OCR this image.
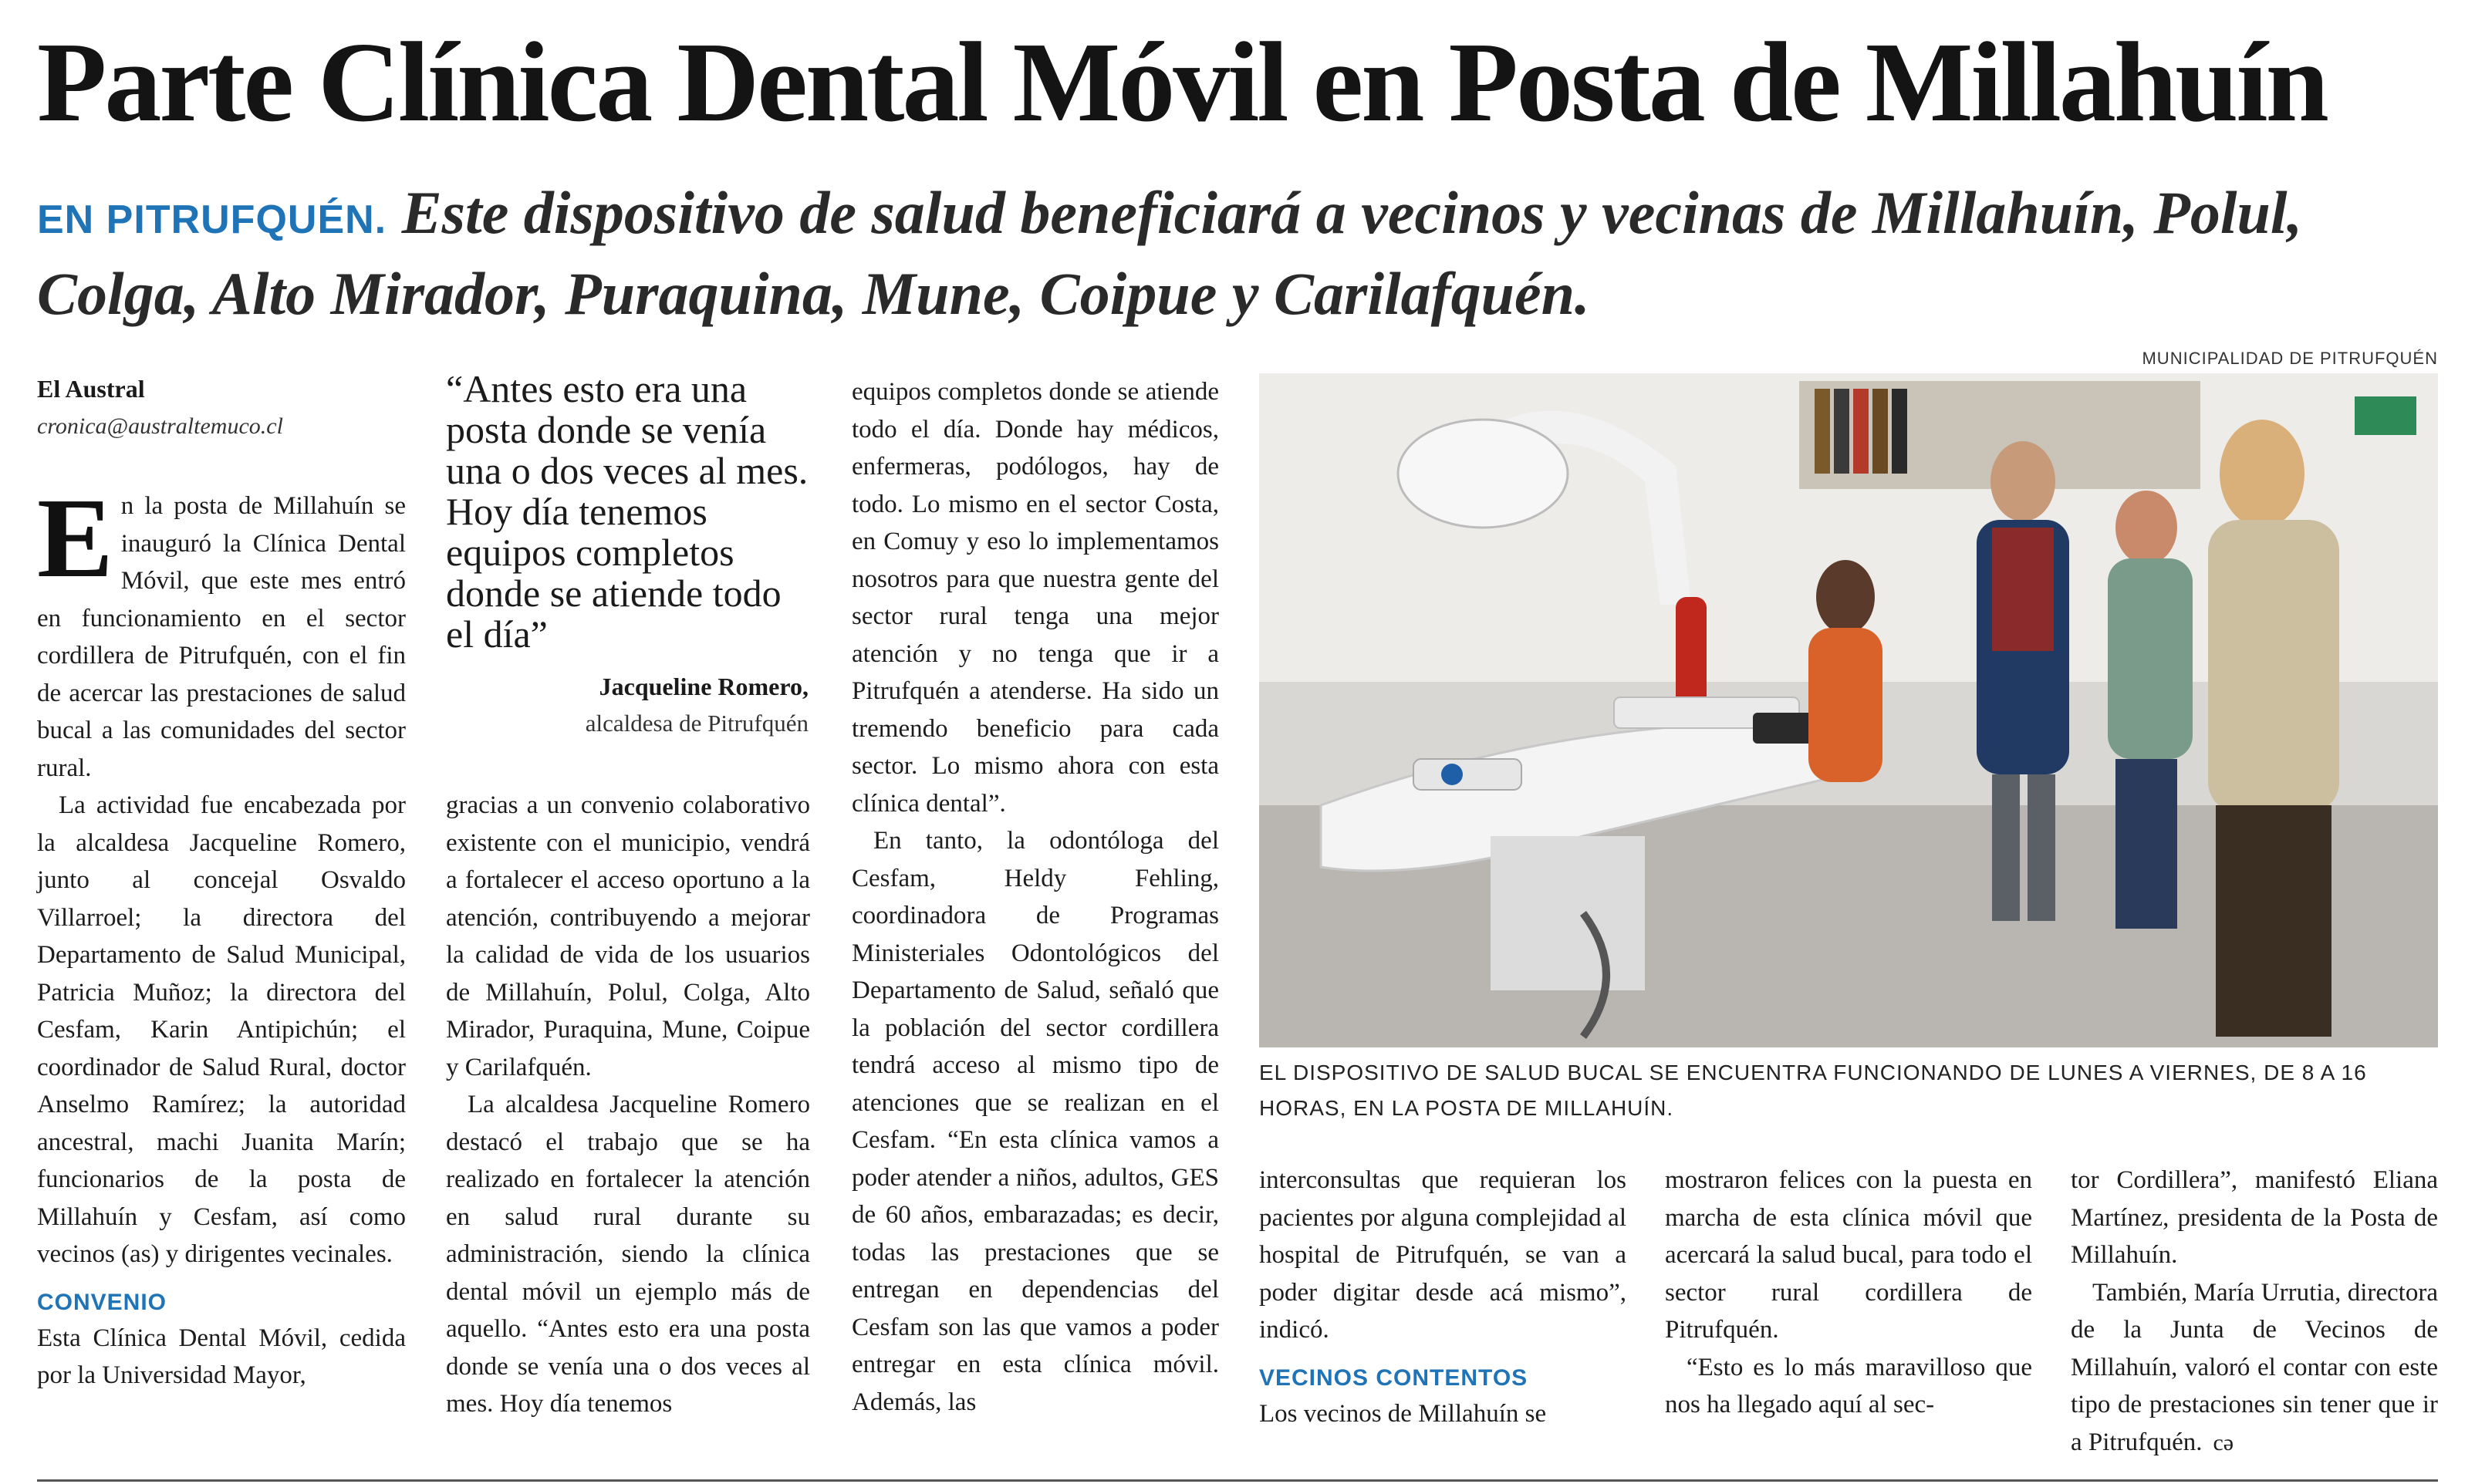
Parte Clínica Dental Móvil en Posta de Millahuín
EN PITRUFQUÉN. Este dispositivo de salud beneficiará a vecinos y vecinas de Millahuín, Polul, Colga, Alto Mirador, Puraquina, Mune, Coipue y Carilafquén.
El Austral
cronica@australtemuco.cl
E n la posta de Millahuín se inauguró la Clínica Dental Móvil, que este mes entró en funcionamiento en el sector cordillera de Pitrufquén, con el fin de acercar las prestaciones de salud bucal a las comunidades del sector rural.

La actividad fue encabezada por la alcaldesa Jacqueline Romero, junto al concejal Osvaldo Villarroel; la directora del Departamento de Salud Municipal, Patricia Muñoz; la directora del Cesfam, Karin Antipichún; el coordinador de Salud Rural, doctor Anselmo Ramírez; la autoridad ancestral, machi Juanita Marín; funcionarios de la posta de Millahuín y Cesfam, así como vecinos (as) y dirigentes vecinales.

CONVENIO

Esta Clínica Dental Móvil, cedida por la Universidad Mayor,

“Antes esto era una posta donde se venía una o dos veces al mes. Hoy día tenemos equipos completos donde se atiende todo el día”
Jacqueline Romero,
alcaldesa de Pitrufquén

gracias a un convenio colaborativo existente con el municipio, vendrá a fortalecer el acceso oportuno a la atención, contribuyendo a mejorar la calidad de vida de los usuarios de Millahuín, Polul, Colga, Alto Mirador, Puraquina, Mune, Coipue y Carilafquén.

La alcaldesa Jacqueline Romero destacó el trabajo que se ha realizado en fortalecer la atención en salud rural durante su administración, siendo la clínica dental móvil un ejemplo más de aquello. “Antes esto era una posta donde se venía una o dos veces al mes. Hoy día tenemos

equipos completos donde se atiende todo el día. Donde hay médicos, enfermeras, podólogos, hay de todo. Lo mismo en el sector Costa, en Comuy y eso lo implementamos nosotros para que nuestra gente del sector rural tenga una mejor atención y no tenga que ir a Pitrufquén a atenderse. Ha sido un tremendo beneficio para cada sector. Lo mismo ahora con esta clínica dental”.

En tanto, la odontóloga del Cesfam, Heldy Fehling, coordinadora de Programas Ministeriales Odontológicos del Departamento de Salud, señaló que la población del sector cordillera tendrá acceso al mismo tipo de atenciones que se realizan en el Cesfam. “En esta clínica vamos a poder atender a niños, adultos, GES de 60 años, embarazadas; es decir, todas las prestaciones que se entregan en dependencias del Cesfam son las que vamos a poder entregar en esta clínica móvil. Además, las

MUNICIPALIDAD DE PITRUFQUÉN
EL DISPOSITIVO DE SALUD BUCAL SE ENCUENTRA FUNCIONANDO DE LUNES A VIERNES, DE 8 A 16 HORAS, EN LA POSTA DE MILLAHUÍN.

interconsultas que requieran los pacientes por alguna complejidad al hospital de Pitrufquén, se van a poder digitar desde acá mismo”, indicó.

VECINOS CONTENTOS

Los vecinos de Millahuín se

mostraron felices con la puesta en marcha de esta clínica móvil que acercará la salud bucal, para todo el sector rural cordillera de Pitrufquén.

“Esto es lo más maravilloso que nos ha llegado aquí al sec-

tor Cordillera”, manifestó Eliana Martínez, presidenta de la Posta de Millahuín.

También, María Urrutia, directora de la Junta de Vecinos de Millahuín, valoró el contar con este tipo de prestaciones sin tener que ir a Pitrufquén. cǝ
